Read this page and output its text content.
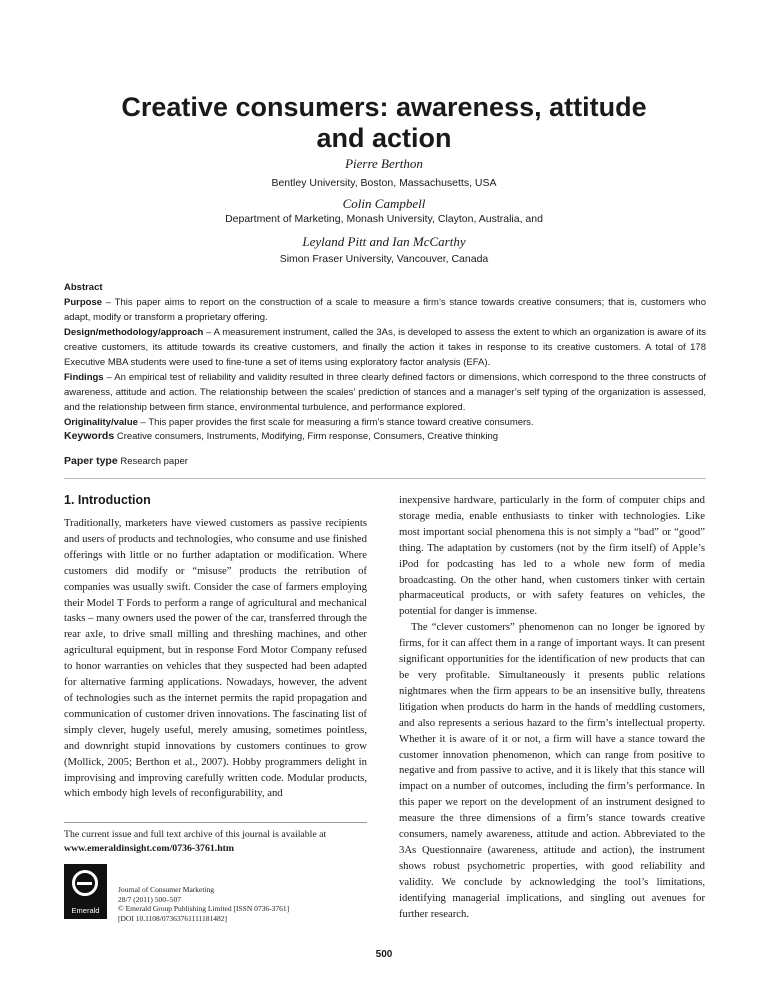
Creative consumers: awareness, attitude
and action
Pierre Berthon
Bentley University, Boston, Massachusetts, USA
Colin Campbell
Department of Marketing, Monash University, Clayton, Australia, and
Leyland Pitt and Ian McCarthy
Simon Fraser University, Vancouver, Canada

Abstract

Purpose – This paper aims to report on the construction of a scale to measure a firm’s stance towards creative consumers; that is, customers who adapt, modify or transform a proprietary offering.

Design/methodology/approach – A measurement instrument, called the 3As, is developed to assess the extent to which an organization is aware of its creative customers, its attitude towards its creative customers, and finally the action it takes in response to its creative customers. A total of 178 Executive MBA students were used to fine-tune a set of items using exploratory factor analysis (EFA).

Findings – An empirical test of reliability and validity resulted in three clearly defined factors or dimensions, which correspond to the three constructs of awareness, attitude and action. The relationship between the scales’ prediction of stances and a manager’s self typing of the organization is assessed, and the relationship between firm stance, environmental turbulence, and performance explored.

Originality/value – This paper provides the first scale for measuring a firm’s stance toward creative consumers.

Keywords Creative consumers, Instruments, Modifying, Firm response, Consumers, Creative thinking
Paper type Research paper
1. Introduction

Traditionally, marketers have viewed customers as passive recipients and users of products and technologies, who consume and use finished offerings with little or no further adaptation or modification. Where customers did modify or “misuse” products the retribution of companies was usually swift. Consider the case of farmers employing their Model T Fords to perform a range of agricultural and mechanical tasks – many owners used the power of the car, transferred through the rear axle, to drive small milling and threshing machines, and other agricultural equipment, but in response Ford Motor Company refused to honor warranties on vehicles that they suspected had been adapted for alternative farming applications. Nowadays, however, the advent of technologies such as the internet permits the rapid propagation and communication of customer driven innovations. The fascinating list of simply clever, hugely useful, merely amusing, sometimes pointless, and downright stupid innovations by customers continues to grow (Mollick, 2005; Berthon et al., 2007). Hobby programmers delight in improvising and improving carefully written code. Modular products, which embody high levels of reconfigurability, and

inexpensive hardware, particularly in the form of computer chips and storage media, enable enthusiasts to tinker with technologies. Like most important social phenomena this is not simply a “bad” or “good” thing. The adaptation by customers (not by the firm itself) of Apple’s iPod for podcasting has led to a whole new form of media broadcasting. On the other hand, when customers tinker with certain pharmaceutical products, or with safety features on vehicles, the potential for danger is immense.

The “clever customers” phenomenon can no longer be ignored by firms, for it can affect them in a range of important ways. It can present significant opportunities for the identification of new products that can be very profitable. Simultaneously it presents public relations nightmares when the firm appears to be an insensitive bully, threatens litigation when products do harm in the hands of meddling customers, and also represents a serious hazard to the firm’s intellectual property. Whether it is aware of it or not, a firm will have a stance toward the customer innovation phenomenon, which can range from positive to negative and from passive to active, and it is likely that this stance will impact on a number of outcomes, including the firm’s performance. In this paper we report on the development of an instrument designed to measure the three dimensions of a firm’s stance towards creative consumers, namely awareness, attitude and action. Abbreviated to the 3As Questionnaire (awareness, attitude and action), the instrument shows robust psychometric properties, with good reliability and validity. We conclude by acknowledging the tool’s limitations, identifying managerial implications, and singling out avenues for further research.

The current issue and full text archive of this journal is available at
www.emeraldinsight.com/0736-3761.htm
Emerald
Journal of Consumer Marketing
28/7 (2011) 500–507
© Emerald Group Publishing Limited [ISSN 0736-3761]
[DOI 10.1108/07363761111181482]
500
